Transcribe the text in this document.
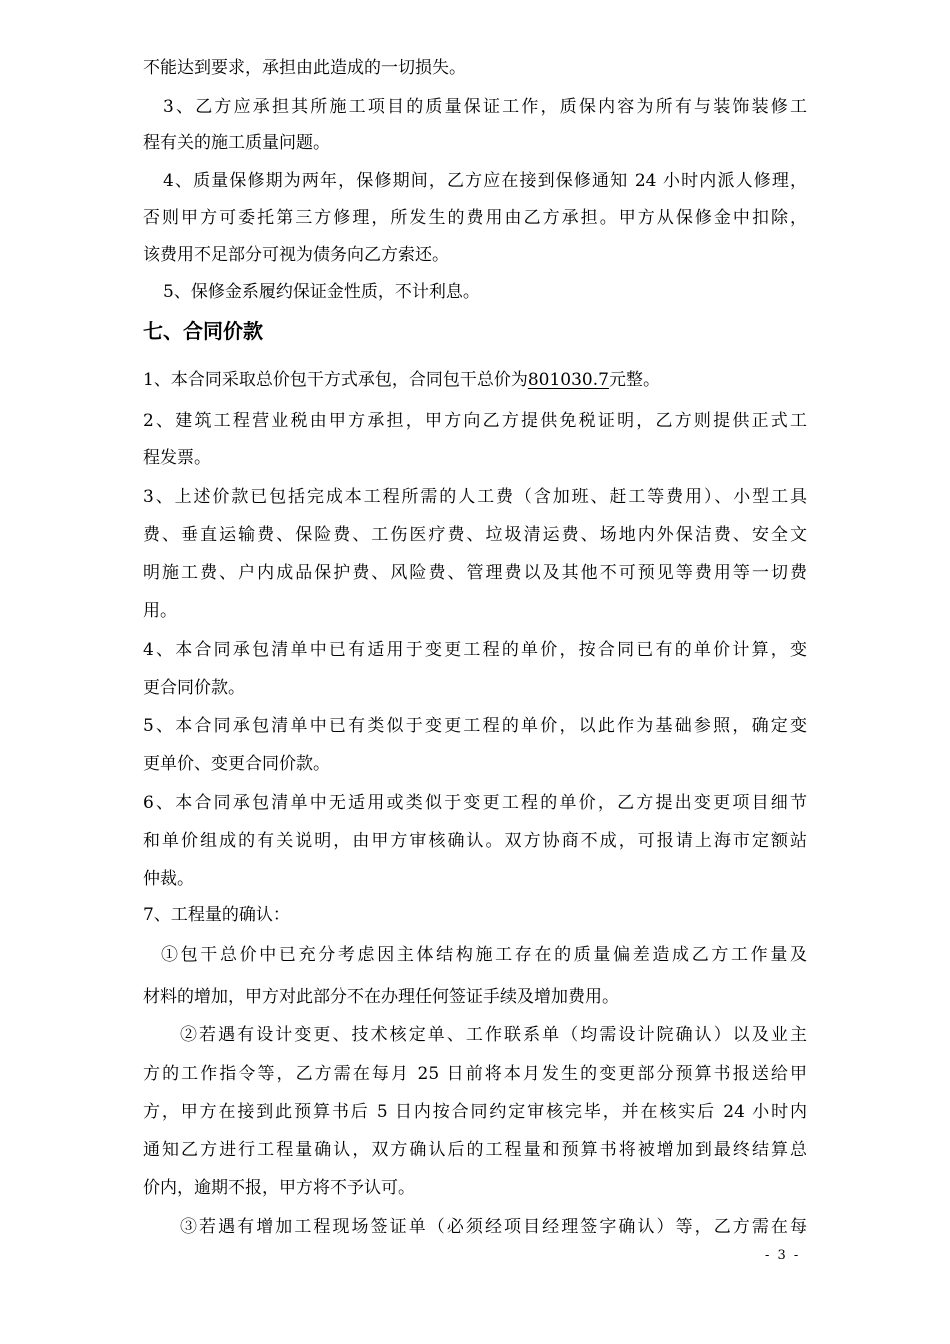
不能达到要求，承担由此造成的一切损失。
3、乙方应承担其所施工项目的质量保证工作，质保内容为所有与装饰装修工
程有关的施工质量问题。
4、质量保修期为两年，保修期间，乙方应在接到保修通知 24 小时内派人修理，
否则甲方可委托第三方修理，所发生的费用由乙方承担。甲方从保修金中扣除，
该费用不足部分可视为债务向乙方索还。
5、保修金系履约保证金性质，不计利息。
七、合同价款
1、本合同采取总价包干方式承包，合同包干总价为801030.7元整。
2、建筑工程营业税由甲方承担，甲方向乙方提供免税证明，乙方则提供正式工
程发票。
3、上述价款已包括完成本工程所需的人工费（含加班、赶工等费用）、小型工具
费、垂直运输费、保险费、工伤医疗费、垃圾清运费、场地内外保洁费、安全文
明施工费、户内成品保护费、风险费、管理费以及其他不可预见等费用等一切费
用。
4、本合同承包清单中已有适用于变更工程的单价，按合同已有的单价计算，变
更合同价款。
5、本合同承包清单中已有类似于变更工程的单价，以此作为基础参照，确定变
更单价、变更合同价款。
6、本合同承包清单中无适用或类似于变更工程的单价，乙方提出变更项目细节
和单价组成的有关说明，由甲方审核确认。双方协商不成，可报请上海市定额站
仲裁。
7、工程量的确认：
①包干总价中已充分考虑因主体结构施工存在的质量偏差造成乙方工作量及
材料的增加，甲方对此部分不在办理任何签证手续及增加费用。
②若遇有设计变更、技术核定单、工作联系单（均需设计院确认）以及业主
方的工作指令等，乙方需在每月 25 日前将本月发生的变更部分预算书报送给甲
方，甲方在接到此预算书后 5 日内按合同约定审核完毕，并在核实后 24 小时内
通知乙方进行工程量确认，双方确认后的工程量和预算书将被增加到最终结算总
价内，逾期不报，甲方将不予认可。
③若遇有增加工程现场签证单（必须经项目经理签字确认）等，乙方需在每
- 3 -
